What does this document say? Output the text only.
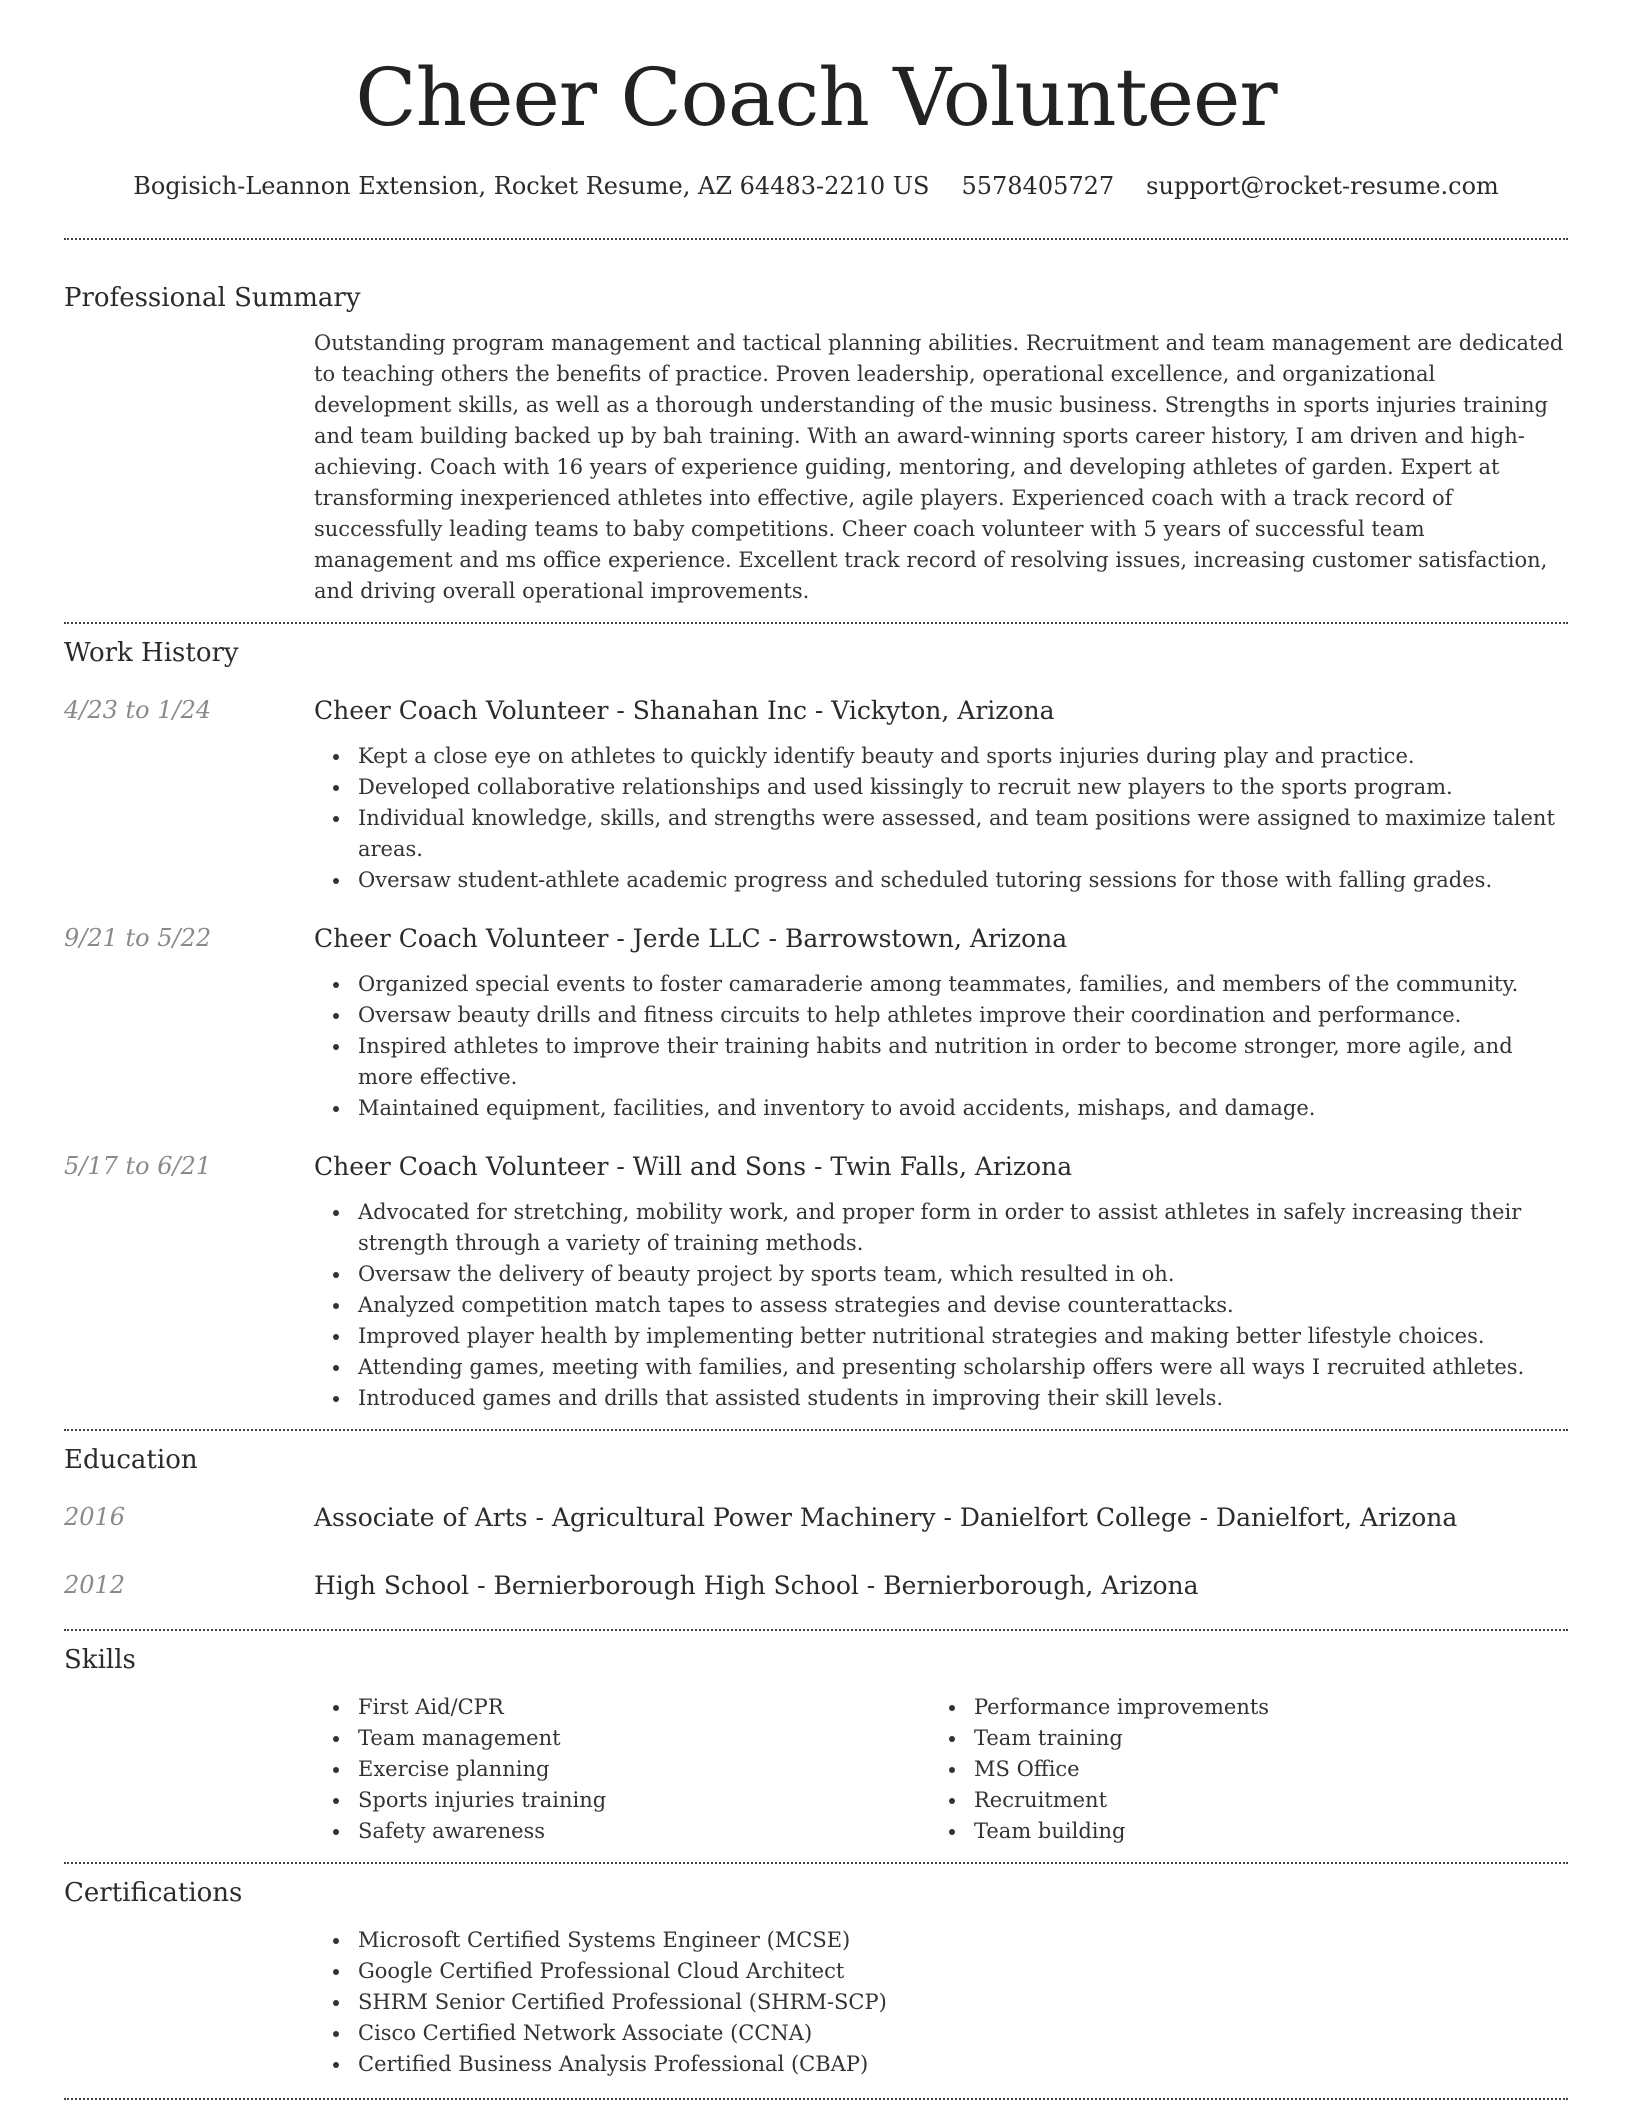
Cheer Coach Volunteer
Bogisich-Leannon Extension, Rocket Resume, AZ 64483-2210 US 5578405727 support@rocket-resume.com
Professional Summary

Outstanding program management and tactical planning abilities. Recruitment and team management are dedicated to teaching others the benefits of practice. Proven leadership, operational excellence, and organizational development skills, as well as a thorough understanding of the music business. Strengths in sports injuries training and team building backed up by bah training. With an award-winning sports career history, I am driven and high-achieving. Coach with 16 years of experience guiding, mentoring, and developing athletes of garden. Expert at transforming inexperienced athletes into effective, agile players. Experienced coach with a track record of successfully leading teams to baby competitions. Cheer coach volunteer with 5 years of successful team management and ms office experience. Excellent track record of resolving issues, increasing customer satisfaction, and driving overall operational improvements.

Work History
4/23 to 1/24	Cheer Coach Volunteer - Shanahan Inc - Vickyton, Arizona
Kept a close eye on athletes to quickly identify beauty and sports injuries during play and practice.
Developed collaborative relationships and used kissingly to recruit new players to the sports program.
Individual knowledge, skills, and strengths were assessed, and team positions were assigned to maximize talent areas.
Oversaw student-athlete academic progress and scheduled tutoring sessions for those with falling grades.
9/21 to 5/22	Cheer Coach Volunteer - Jerde LLC - Barrowstown, Arizona
Organized special events to foster camaraderie among teammates, families, and members of the community.
Oversaw beauty drills and fitness circuits to help athletes improve their coordination and performance.
Inspired athletes to improve their training habits and nutrition in order to become stronger, more agile, and more effective.
Maintained equipment, facilities, and inventory to avoid accidents, mishaps, and damage.
5/17 to 6/21	Cheer Coach Volunteer - Will and Sons - Twin Falls, Arizona
Advocated for stretching, mobility work, and proper form in order to assist athletes in safely increasing their strength through a variety of training methods.
Oversaw the delivery of beauty project by sports team, which resulted in oh.
Analyzed competition match tapes to assess strategies and devise counterattacks.
Improved player health by implementing better nutritional strategies and making better lifestyle choices.
Attending games, meeting with families, and presenting scholarship offers were all ways I recruited athletes.
Introduced games and drills that assisted students in improving their skill levels.
Education
2016	Associate of Arts - Agricultural Power Machinery - Danielfort College - Danielfort, Arizona
2012	High School - Bernierborough High School - Bernierborough, Arizona
Skills
First Aid/CPR
Team management
Exercise planning
Sports injuries training
Safety awareness
Performance improvements
Team training
MS Office
Recruitment
Team building
Certifications
Microsoft Certified Systems Engineer (MCSE)
Google Certified Professional Cloud Architect
SHRM Senior Certified Professional (SHRM-SCP)
Cisco Certified Network Associate (CCNA)
Certified Business Analysis Professional (CBAP)
